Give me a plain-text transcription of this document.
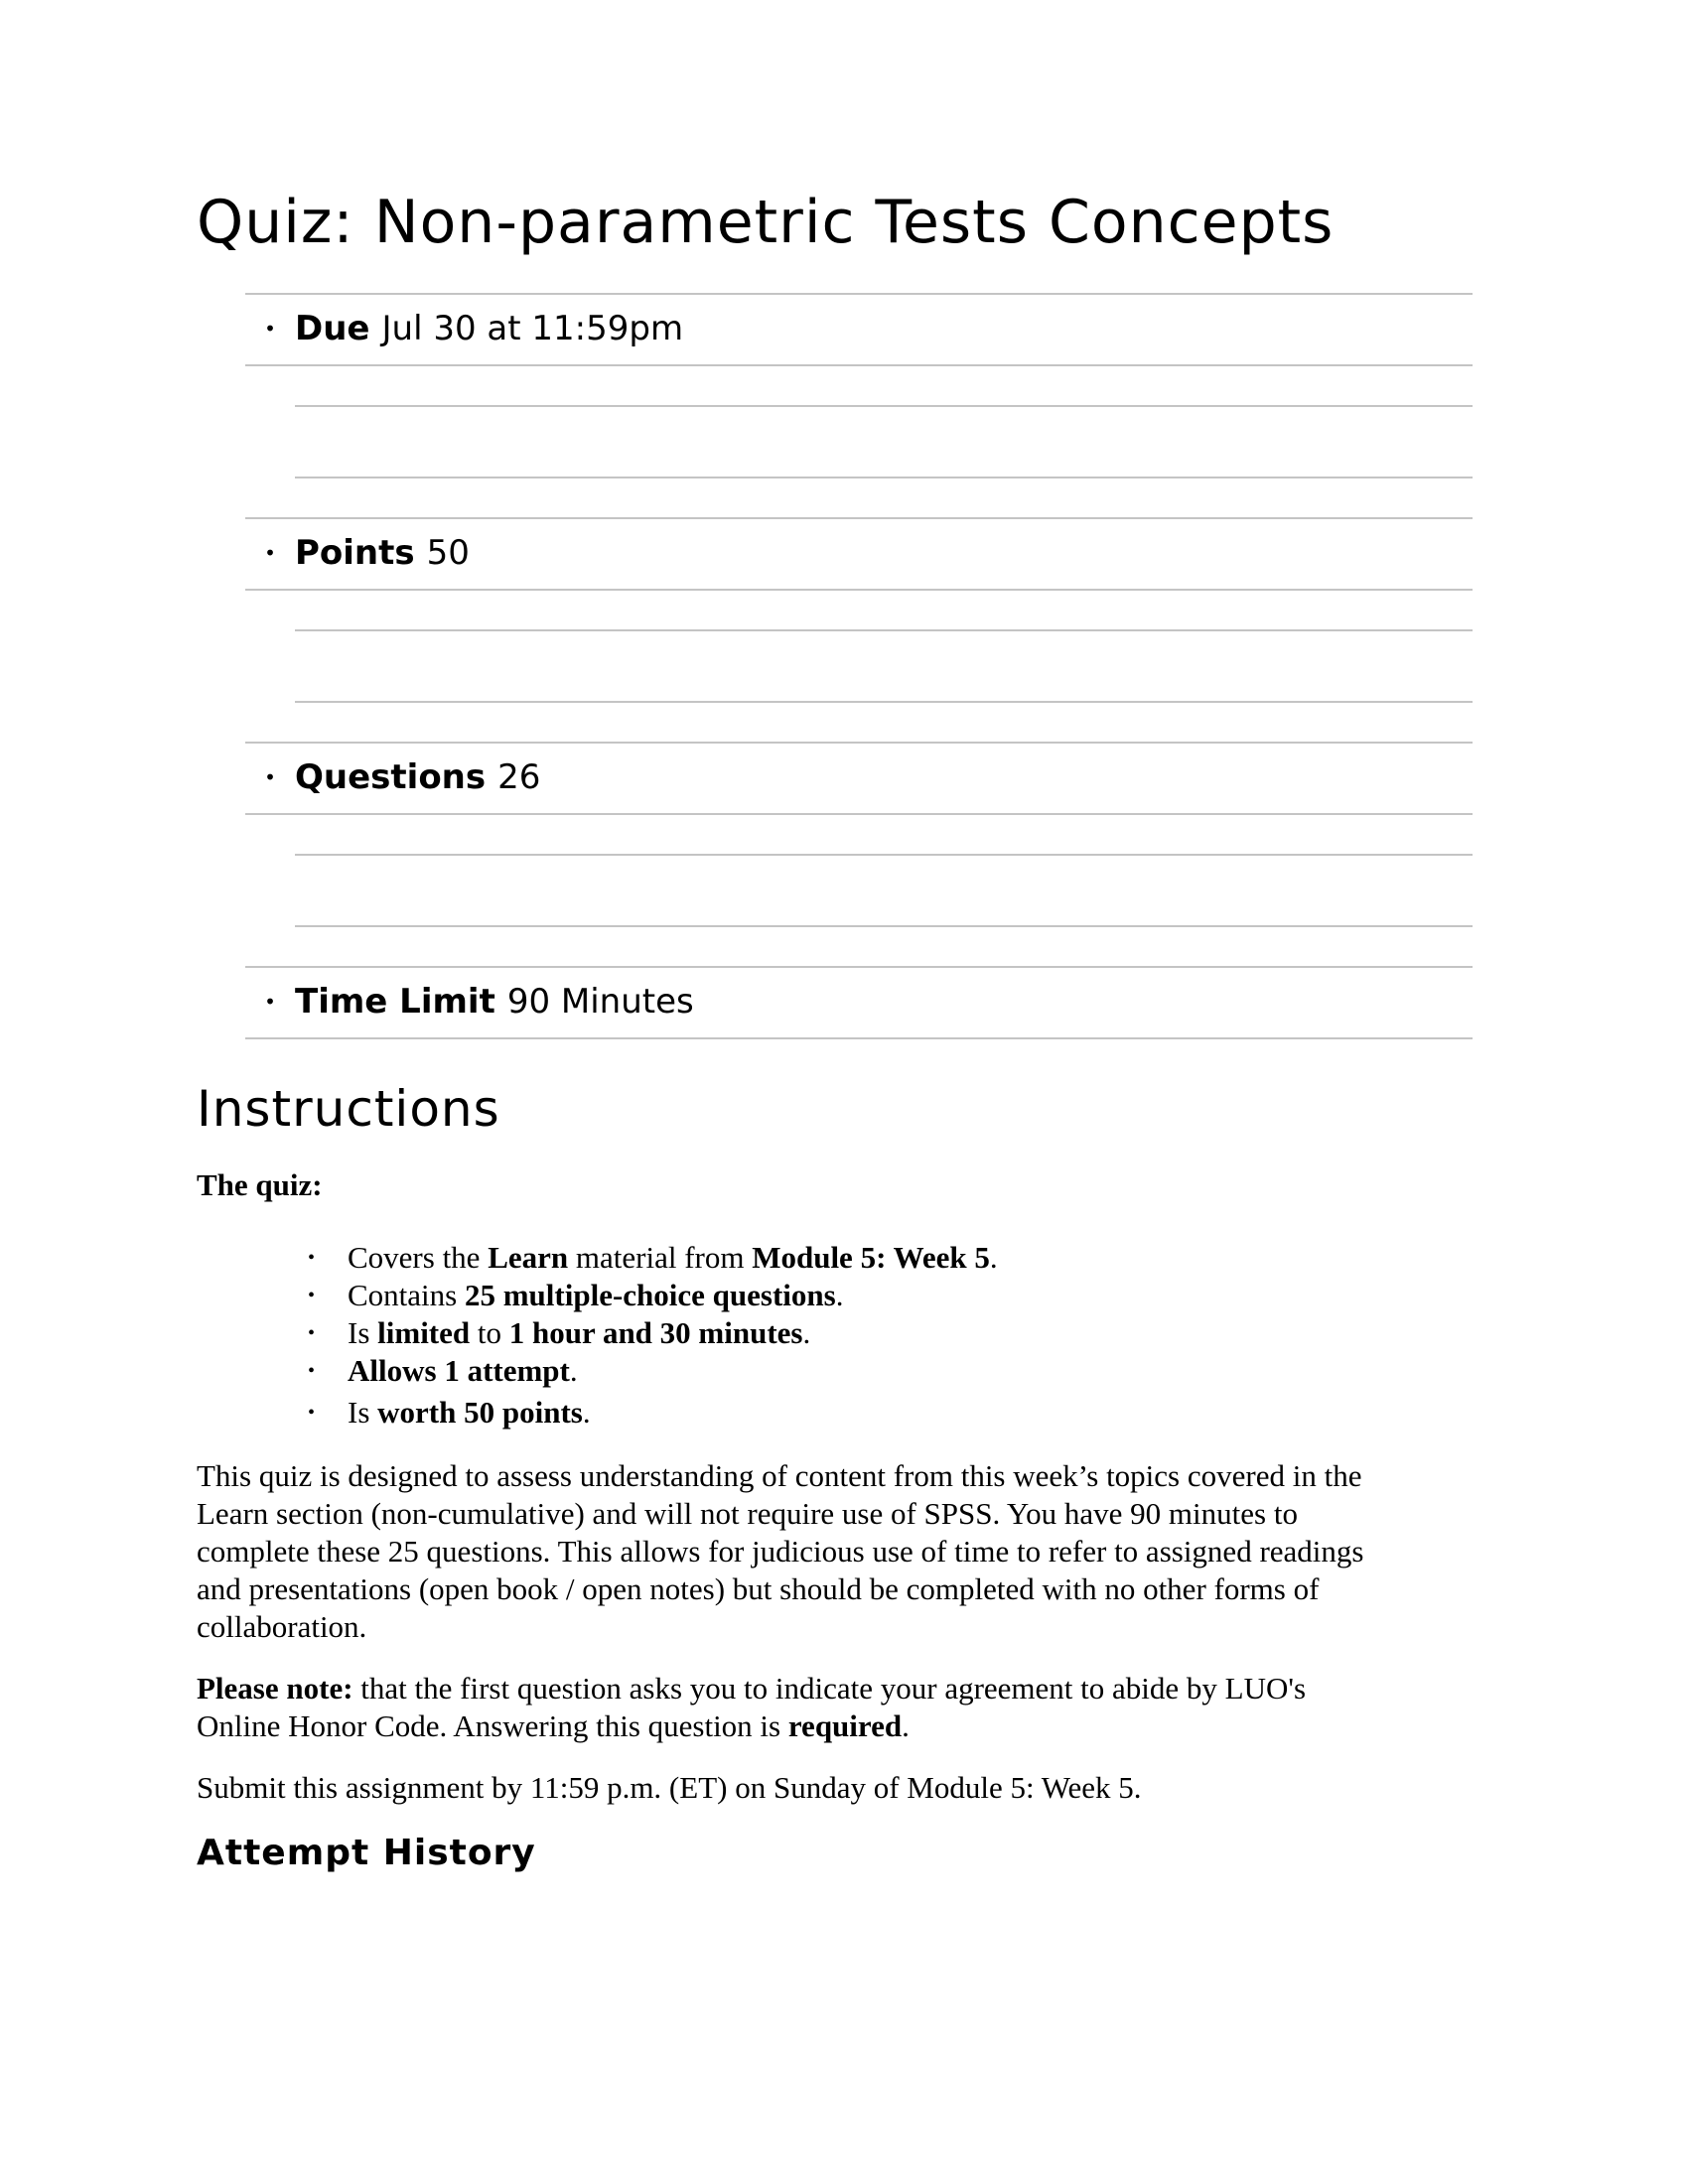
Quiz: Non-parametric Tests Concepts
• Due Jul 30 at 11:59pm
• Points 50
• Questions 26
• Time Limit 90 Minutes
Instructions
The quiz:
• Covers the Learn material from Module 5: Week 5.
• Contains 25 multiple-choice questions.
• Is limited to 1 hour and 30 minutes.
• Allows 1 attempt.
• Is worth 50 points.

This quiz is designed to assess understanding of content from this week’s topics covered in the
Learn section (non-cumulative) and will not require use of SPSS. You have 90 minutes to
complete these 25 questions. This allows for judicious use of time to refer to assigned readings
and presentations (open book / open notes) but should be completed with no other forms of
collaboration.

Please note: that the first question asks you to indicate your agreement to abide by LUO's
Online Honor Code. Answering this question is required.

Submit this assignment by 11:59 p.m. (ET) on Sunday of Module 5: Week 5.

Attempt History
